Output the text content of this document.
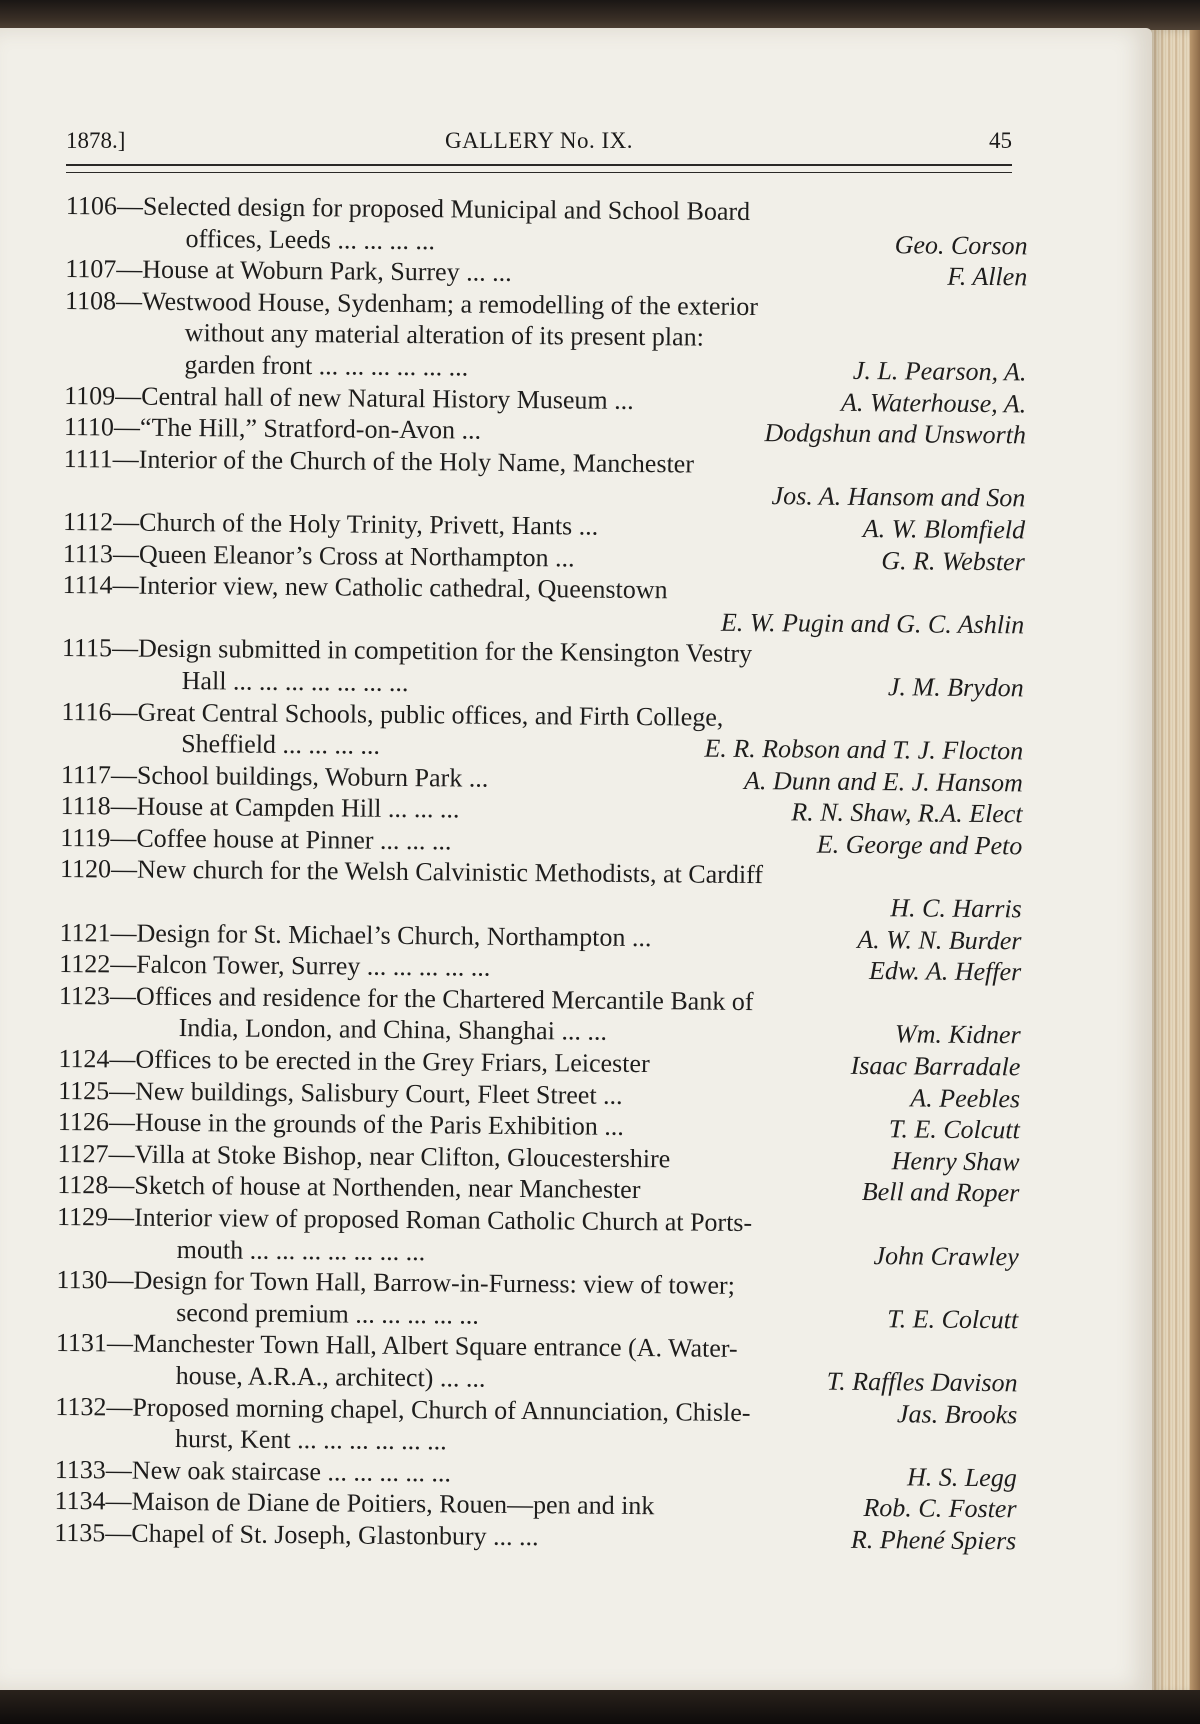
1878.]	GALLERY No. IX.	45
1106—Selected design for proposed Municipal and School Board
offices, Leeds ... ... ... ...	Geo. Corson
1107—House at Woburn Park, Surrey ... ...	F. Allen
1108—Westwood House, Sydenham; a remodelling of the exterior
without any material alteration of its present plan:
garden front ... ... ... ... ... ...	J. L. Pearson, A.
1109—Central hall of new Natural History Museum ...	A. Waterhouse, A.
1110—“The Hill,” Stratford-on-Avon ...	Dodgshun and Unsworth
1111—Interior of the Church of the Holy Name, Manchester
Jos. A. Hansom and Son
1112—Church of the Holy Trinity, Privett, Hants ...	A. W. Blomfield
1113—Queen Eleanor’s Cross at Northampton ...	G. R. Webster
1114—Interior view, new Catholic cathedral, Queenstown
E. W. Pugin and G. C. Ashlin
1115—Design submitted in competition for the Kensington Vestry
Hall ... ... ... ... ... ... ...	J. M. Brydon
1116—Great Central Schools, public offices, and Firth College,
Sheffield ... ... ... ...	E. R. Robson and T. J. Flocton
1117—School buildings, Woburn Park ...	A. Dunn and E. J. Hansom
1118—House at Campden Hill ... ... ...	R. N. Shaw, R.A. Elect
1119—Coffee house at Pinner ... ... ...	E. George and Peto
1120—New church for the Welsh Calvinistic Methodists, at Cardiff
H. C. Harris
1121—Design for St. Michael’s Church, Northampton ...	A. W. N. Burder
1122—Falcon Tower, Surrey ... ... ... ... ...	Edw. A. Heffer
1123—Offices and residence for the Chartered Mercantile Bank of
India, London, and China, Shanghai ... ...	Wm. Kidner
1124—Offices to be erected in the Grey Friars, Leicester	Isaac Barradale
1125—New buildings, Salisbury Court, Fleet Street ...	A. Peebles
1126—House in the grounds of the Paris Exhibition ...	T. E. Colcutt
1127—Villa at Stoke Bishop, near Clifton, Gloucestershire	Henry Shaw
1128—Sketch of house at Northenden, near Manchester	Bell and Roper
1129—Interior view of proposed Roman Catholic Church at Ports-
mouth ... ... ... ... ... ... ...	John Crawley
1130—Design for Town Hall, Barrow-in-Furness: view of tower;
second premium ... ... ... ... ...	T. E. Colcutt
1131—Manchester Town Hall, Albert Square entrance (A. Water-
house, A.R.A., architect) ... ...	T. Raffles Davison
1132—Proposed morning chapel, Church of Annunciation, Chisle-
hurst, Kent ... ... ... ... ... ...
Jas. Brooks
1133—New oak staircase ... ... ... ... ...	H. S. Legg
1134—Maison de Diane de Poitiers, Rouen—pen and ink	Rob. C. Foster
1135—Chapel of St. Joseph, Glastonbury ... ...	R. Phené Spiers
